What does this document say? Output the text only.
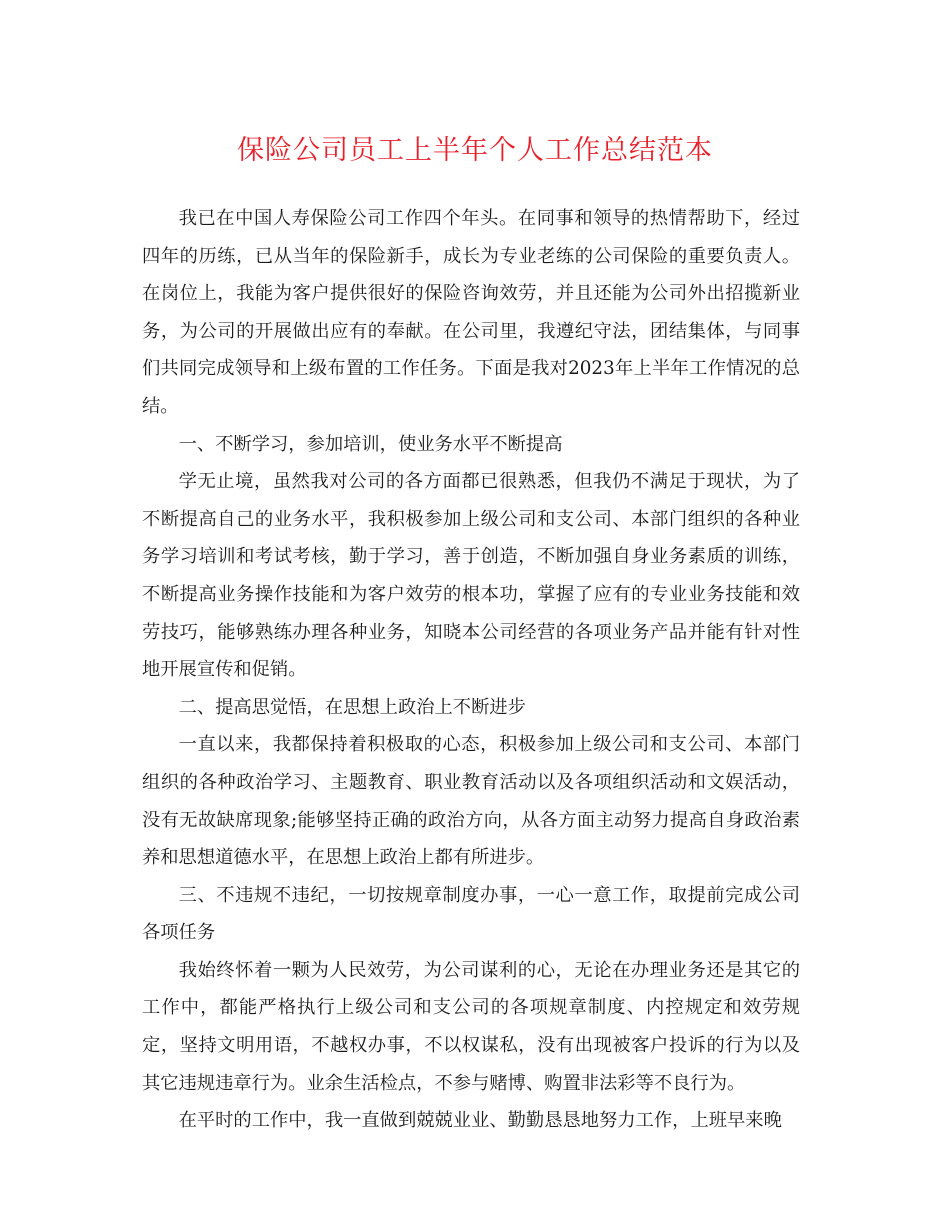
保险公司员工上半年个人工作总结范本

我已在中国人寿保险公司工作四个年头。在同事和领导的热情帮助下，经过四年的历练，已从当年的保险新手，成长为专业老练的公司保险的重要负责人。在岗位上，我能为客户提供很好的保险咨询效劳，并且还能为公司外出招揽新业务，为公司的开展做出应有的奉献。在公司里，我遵纪守法，团结集体，与同事们共同完成领导和上级布置的工作任务。下面是我对2023年上半年工作情况的总结。

一、不断学习，参加培训，使业务水平不断提高

学无止境，虽然我对公司的各方面都已很熟悉，但我仍不满足于现状，为了不断提高自己的业务水平，我积极参加上级公司和支公司、本部门组织的各种业务学习培训和考试考核，勤于学习，善于创造，不断加强自身业务素质的训练，不断提高业务操作技能和为客户效劳的根本功，掌握了应有的专业业务技能和效劳技巧，能够熟练办理各种业务，知晓本公司经营的各项业务产品并能有针对性地开展宣传和促销。

二、提高思觉悟，在思想上政治上不断进步

一直以来，我都保持着积极取的心态，积极参加上级公司和支公司、本部门组织的各种政治学习、主题教育、职业教育活动以及各项组织活动和文娱活动，没有无故缺席现象;能够坚持正确的政治方向，从各方面主动努力提高自身政治素养和思想道德水平，在思想上政治上都有所进步。

三、不违规不违纪，一切按规章制度办事，一心一意工作，取提前完成公司各项任务

我始终怀着一颗为人民效劳，为公司谋利的心，无论在办理业务还是其它的工作中，都能严格执行上级公司和支公司的各项规章制度、内控规定和效劳规定，坚持文明用语，不越权办事，不以权谋私，没有出现被客户投诉的行为以及其它违规违章行为。业余生活检点，不参与赌博、购置非法彩等不良行为。

在平时的工作中，我一直做到兢兢业业、勤勤恳恳地努力工作，上班早来晚
